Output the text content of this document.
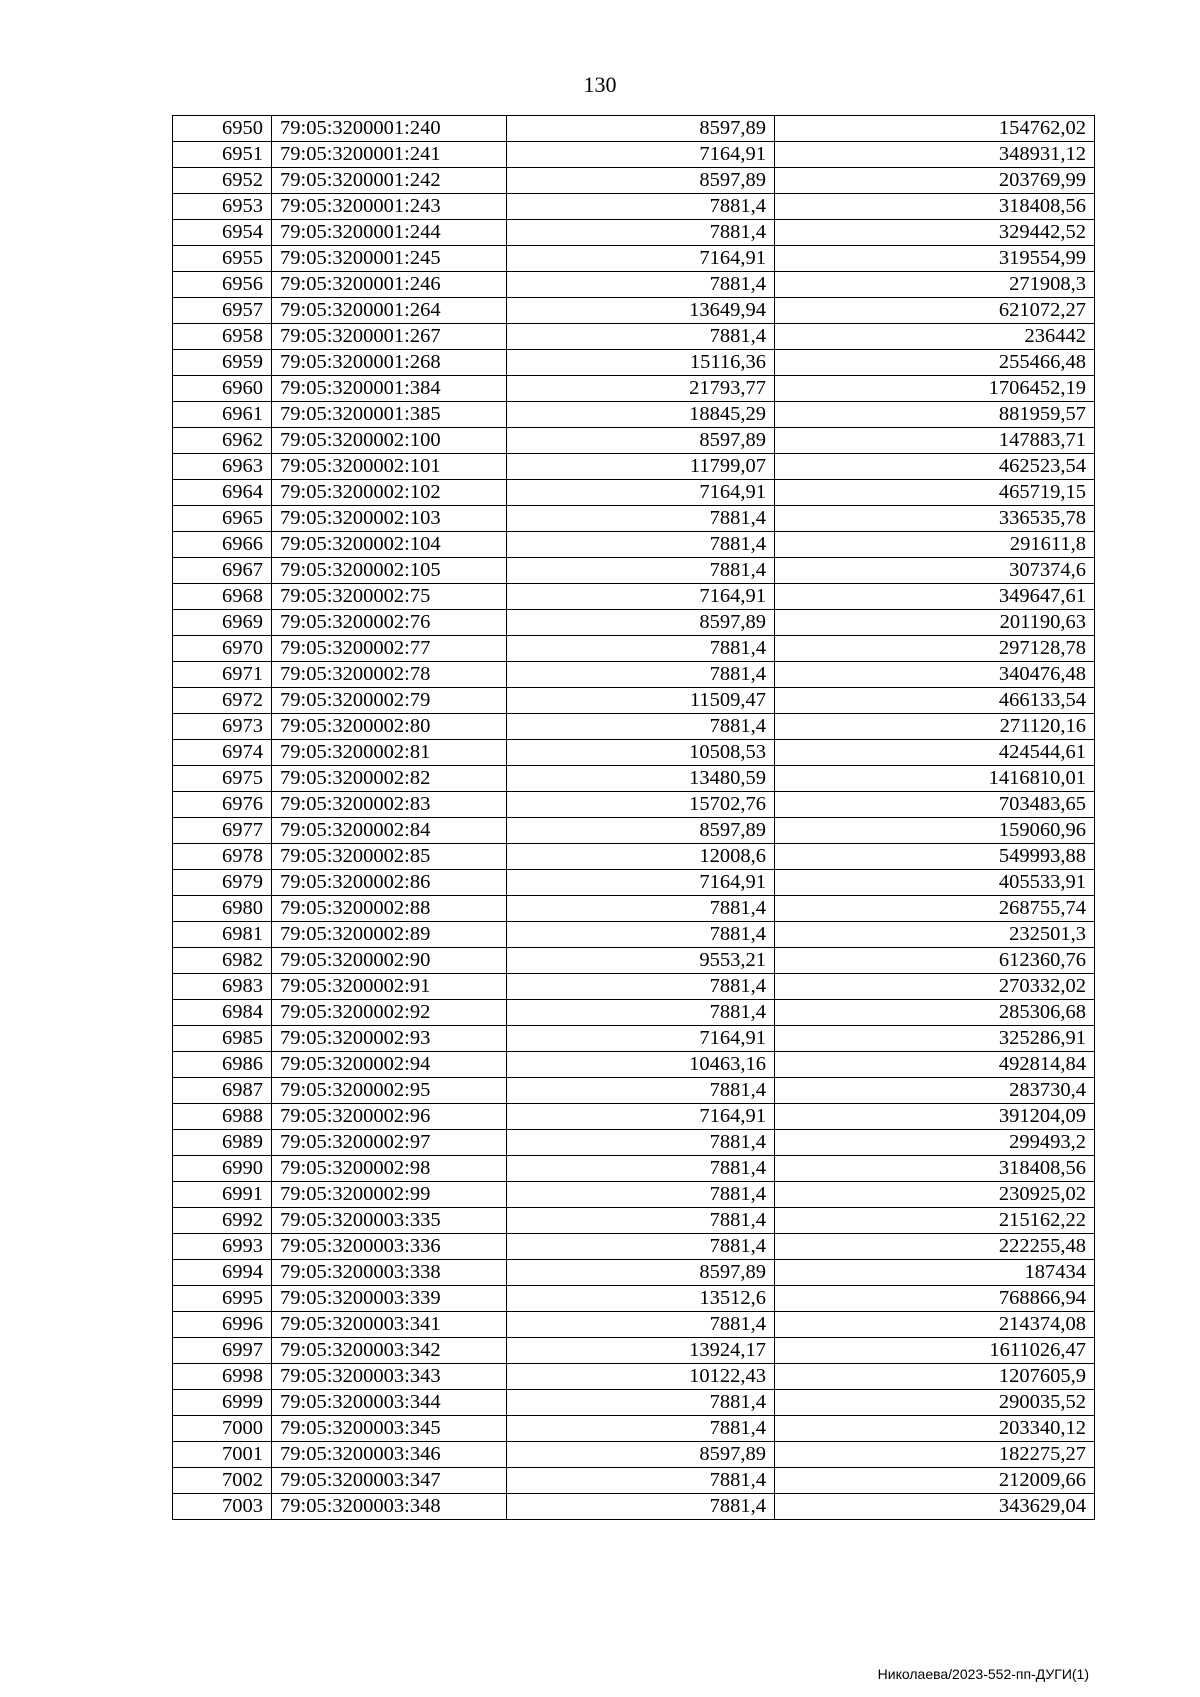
130
6950	79:05:3200001:240	8597,89	154762,02
6951	79:05:3200001:241	7164,91	348931,12
6952	79:05:3200001:242	8597,89	203769,99
6953	79:05:3200001:243	7881,4	318408,56
6954	79:05:3200001:244	7881,4	329442,52
6955	79:05:3200001:245	7164,91	319554,99
6956	79:05:3200001:246	7881,4	271908,3
6957	79:05:3200001:264	13649,94	621072,27
6958	79:05:3200001:267	7881,4	236442
6959	79:05:3200001:268	15116,36	255466,48
6960	79:05:3200001:384	21793,77	1706452,19
6961	79:05:3200001:385	18845,29	881959,57
6962	79:05:3200002:100	8597,89	147883,71
6963	79:05:3200002:101	11799,07	462523,54
6964	79:05:3200002:102	7164,91	465719,15
6965	79:05:3200002:103	7881,4	336535,78
6966	79:05:3200002:104	7881,4	291611,8
6967	79:05:3200002:105	7881,4	307374,6
6968	79:05:3200002:75	7164,91	349647,61
6969	79:05:3200002:76	8597,89	201190,63
6970	79:05:3200002:77	7881,4	297128,78
6971	79:05:3200002:78	7881,4	340476,48
6972	79:05:3200002:79	11509,47	466133,54
6973	79:05:3200002:80	7881,4	271120,16
6974	79:05:3200002:81	10508,53	424544,61
6975	79:05:3200002:82	13480,59	1416810,01
6976	79:05:3200002:83	15702,76	703483,65
6977	79:05:3200002:84	8597,89	159060,96
6978	79:05:3200002:85	12008,6	549993,88
6979	79:05:3200002:86	7164,91	405533,91
6980	79:05:3200002:88	7881,4	268755,74
6981	79:05:3200002:89	7881,4	232501,3
6982	79:05:3200002:90	9553,21	612360,76
6983	79:05:3200002:91	7881,4	270332,02
6984	79:05:3200002:92	7881,4	285306,68
6985	79:05:3200002:93	7164,91	325286,91
6986	79:05:3200002:94	10463,16	492814,84
6987	79:05:3200002:95	7881,4	283730,4
6988	79:05:3200002:96	7164,91	391204,09
6989	79:05:3200002:97	7881,4	299493,2
6990	79:05:3200002:98	7881,4	318408,56
6991	79:05:3200002:99	7881,4	230925,02
6992	79:05:3200003:335	7881,4	215162,22
6993	79:05:3200003:336	7881,4	222255,48
6994	79:05:3200003:338	8597,89	187434
6995	79:05:3200003:339	13512,6	768866,94
6996	79:05:3200003:341	7881,4	214374,08
6997	79:05:3200003:342	13924,17	1611026,47
6998	79:05:3200003:343	10122,43	1207605,9
6999	79:05:3200003:344	7881,4	290035,52
7000	79:05:3200003:345	7881,4	203340,12
7001	79:05:3200003:346	8597,89	182275,27
7002	79:05:3200003:347	7881,4	212009,66
7003	79:05:3200003:348	7881,4	343629,04
Николаева/2023-552-пп-ДУГИ(1)
